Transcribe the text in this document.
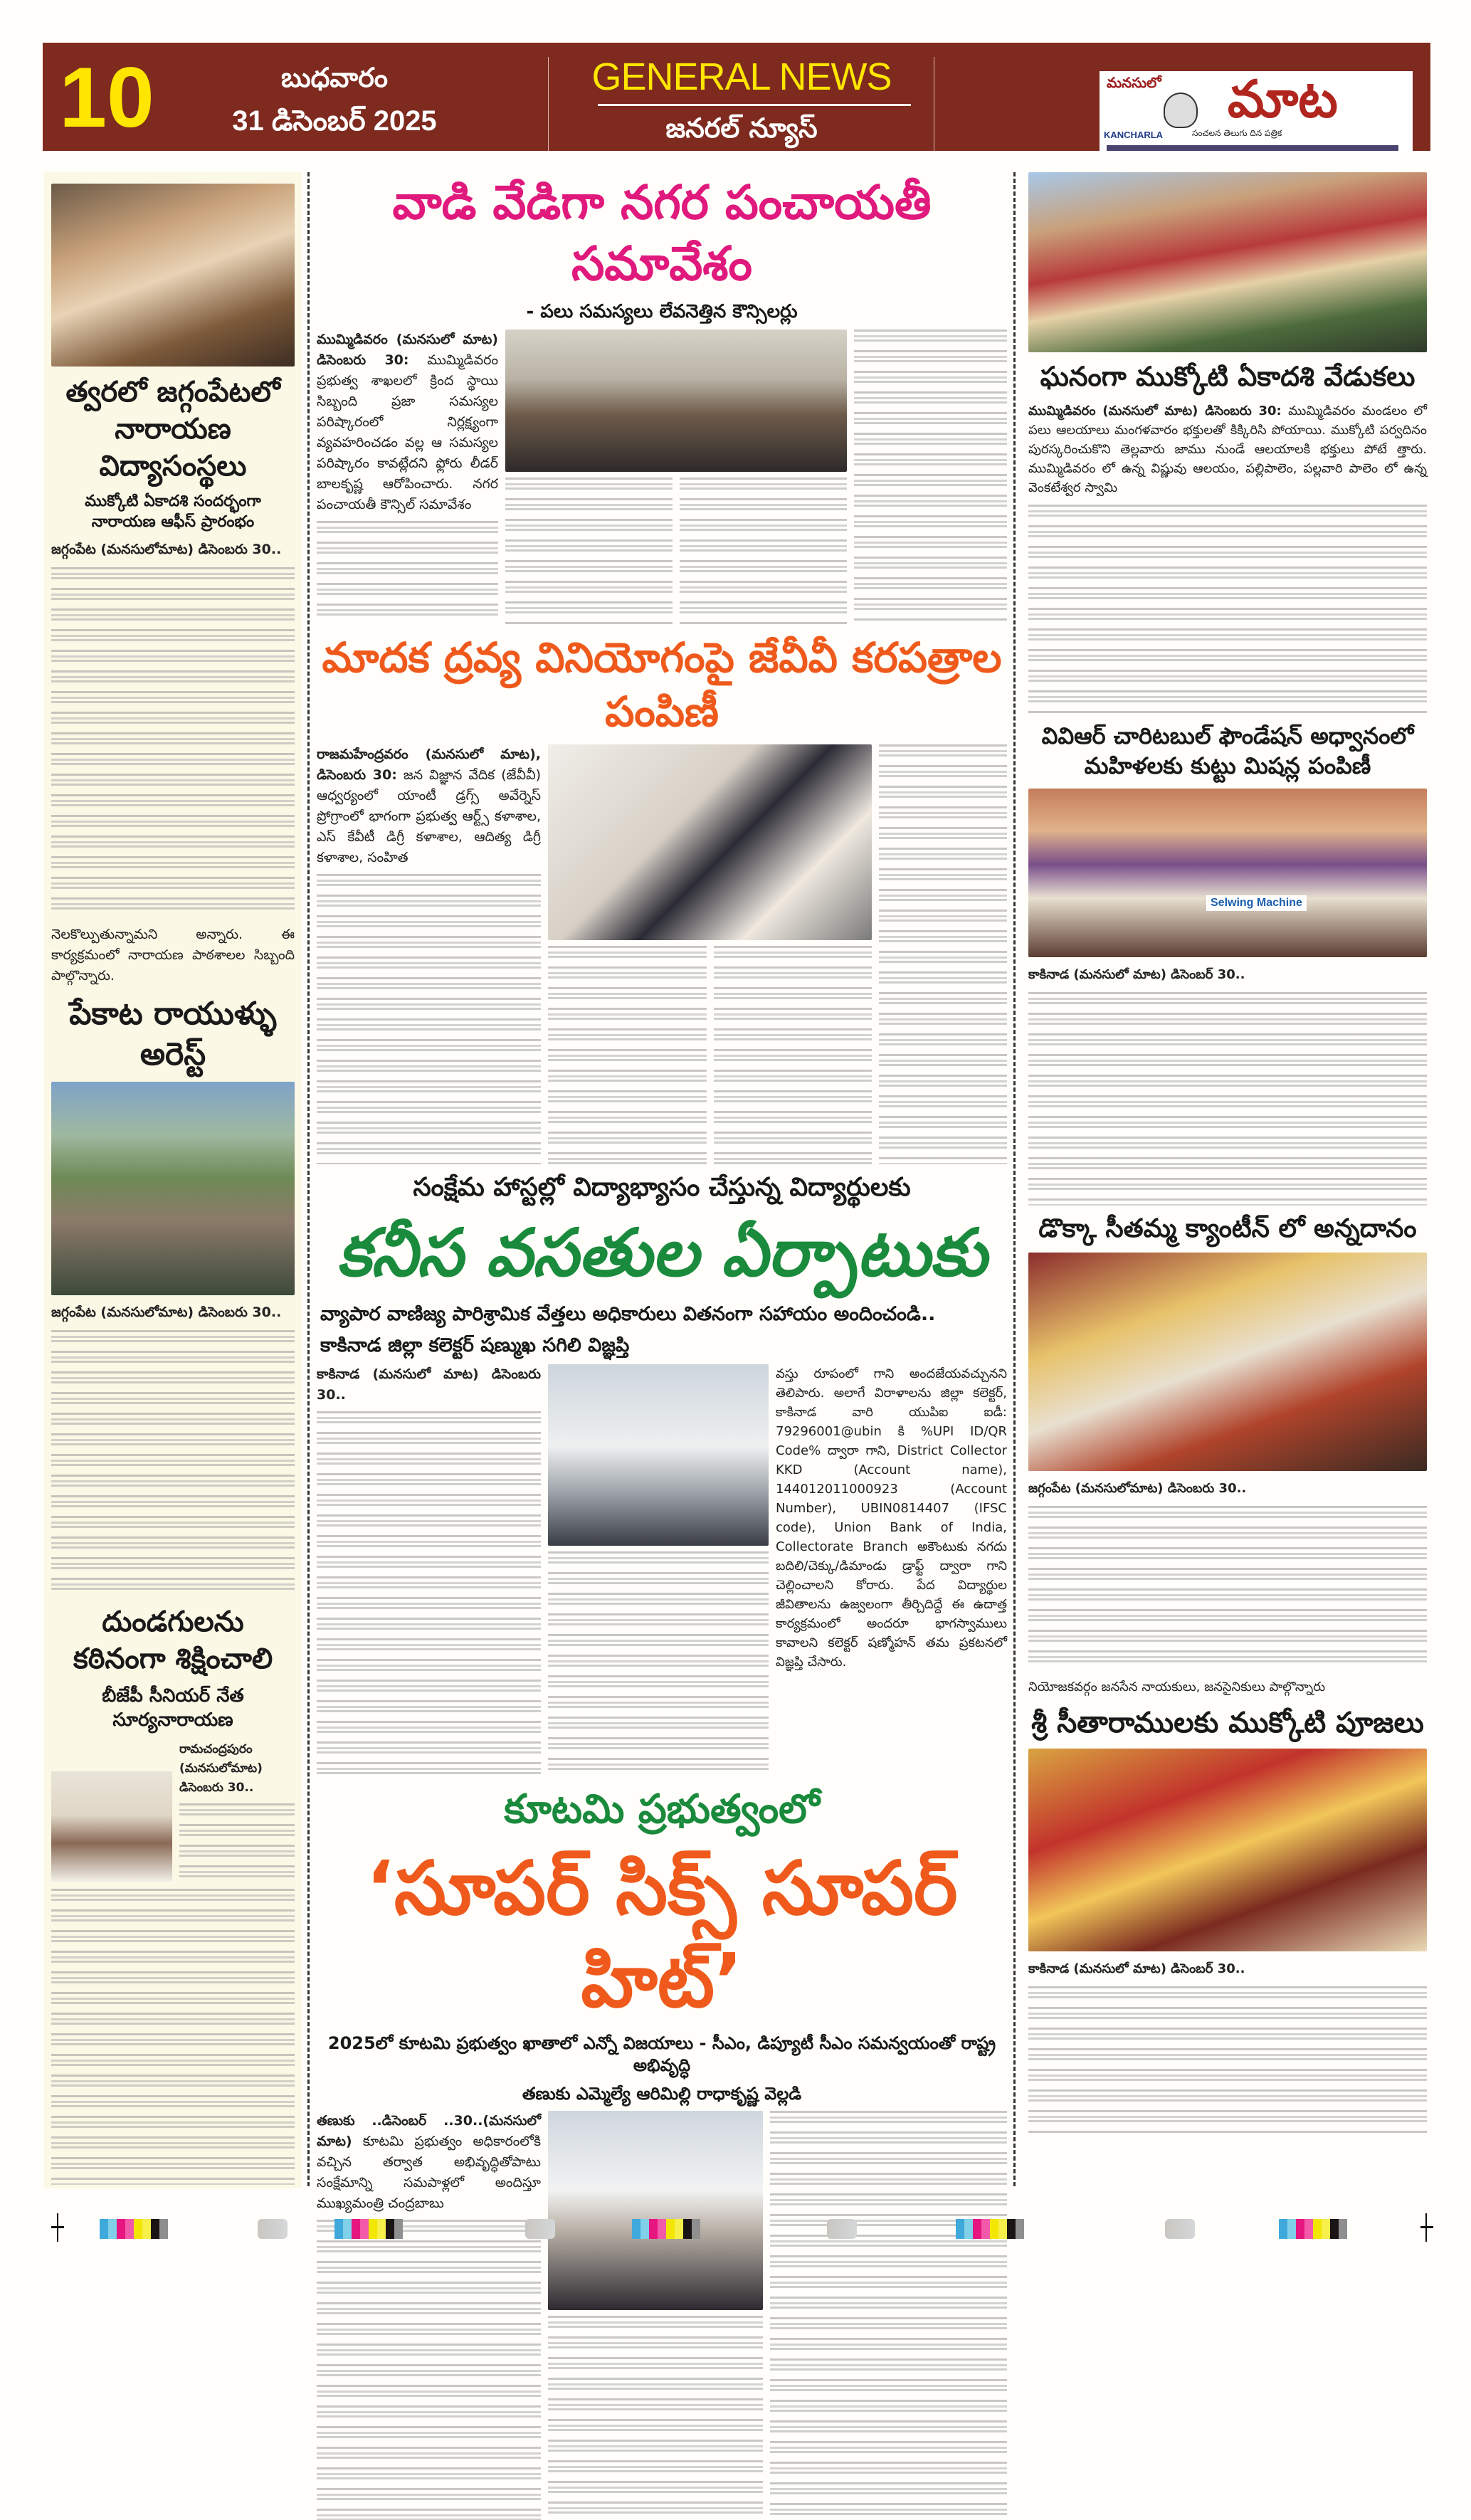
10	బుధవారం
31 డిసెంబర్ 2025
GENERAL NEWS
జనరల్ న్యూస్
మనసులో మాట
KANCHARLA	సంచలన తెలుగు దిన పత్రిక
త్వరలో జగ్గంపేటలో నారాయణ విద్యాసంస్థలు
ముక్కోటి ఏకాదశి సందర్భంగా నారాయణ ఆఫీస్ ప్రారంభం
జగ్గంపేట (మనసులోమాట) డిసెంబరు 30..
నెలకొల్పుతున్నామని అన్నారు. ఈ కార్యక్రమంలో నారాయణ పాఠశాలల సిబ్బంది పాల్గొన్నారు.
పేకాట రాయుళ్ళు అరెస్ట్
జగ్గంపేట (మనసులోమాట) డిసెంబరు 30..
దుండగులను కఠినంగా శిక్షించాలి
బీజేపీ సీనియర్ నేత సూర్యనారాయణ
రామచంద్రపురం (మనసులోమాట) డిసెంబరు 30..
వాడి వేడిగా నగర పంచాయతీ సమావేశం
- పలు సమస్యలు లేవనెత్తిన కౌన్సిలర్లు
ముమ్మిడివరం (మనసులో మాట) డిసెంబరు 30: ముమ్మిడివరం ప్రభుత్వ శాఖలలో క్రింద స్థాయి సిబ్బంది ప్రజా సమస్యల పరిష్కారంలో నిర్లక్ష్యంగా వ్యవహరించడం వల్ల ఆ సమస్యల పరిష్కారం కావట్లేదని ఫ్లోరు లీడర్ బాలకృష్ణ ఆరోపించారు. నగర పంచాయతీ కౌన్సిల్ సమావేశం
మాదక ద్రవ్య వినియోగంపై జేవీవీ కరపత్రాల పంపిణీ
రాజమహేంద్రవరం (మనసులో మాట), డిసెంబరు 30: జన విజ్ఞాన వేదిక (జేవీవీ) ఆధ్వర్యంలో యాంటీ డ్రగ్స్ అవేర్నెస్ ప్రోగ్రాంలో భాగంగా ప్రభుత్వ ఆర్ట్స్ కళాశాల, ఎస్ కేవీటీ డిగ్రీ కళాశాల, ఆదిత్య డిగ్రీ కళాశాల, సంహిత
సంక్షేమ హాస్టల్లో విద్యాభ్యాసం చేస్తున్న విద్యార్థులకు
కనీస వసతుల ఏర్పాటుకు
వ్యాపార వాణిజ్య పారిశ్రామిక వేత్తలు అధికారులు వితనంగా సహాయం అందించండి..
కాకినాడ జిల్లా కలెక్టర్ షణ్ముఖ సగిలి విజ్ఞప్తి
కాకినాడ (మనసులో మాట) డిసెంబరు 30..
వస్తు రూపంలో గాని అందజేయవచ్చునని తెలిపారు. అలాగే విరాళాలను జిల్లా కలెక్టర్, కాకినాడ వారి యుపిఐ ఐడీ: 79296001@ubin కి %UPI ID/QR Code% ద్వారా గాని, District Collector KKD (Account name), 144012011000923 (Account Number), UBIN0814407 (IFSC code), Union Bank of India, Collectorate Branch అకౌంటుకు నగదు బదిలి/చెక్కు/డిమాండు డ్రాఫ్ట్ ద్వారా గాని చెల్లించాలని కోరారు. పేద విద్యార్థుల జీవితాలను ఉజ్వలంగా తీర్చిదిద్దే ఈ ఉదాత్త కార్యక్రమంలో అందరూ భాగస్వాములు కావాలని కలెక్టర్ షణ్మోహన్ తమ ప్రకటనలో విజ్ఞప్తి చేసారు.
కూటమి ప్రభుత్వంలో
‘సూపర్ సిక్స్ సూపర్ హిట్’
2025లో కూటమి ప్రభుత్వం ఖాతాలో ఎన్నో విజయాలు - సీఎం, డిప్యూటీ సీఎం సమన్వయంతో రాష్ట్ర అభివృద్ధి
తణుకు ఎమ్మెల్యే ఆరిమిల్లి రాధాకృష్ణ వెల్లడి
తణుకు ..డిసెంబర్ ..30..(మనసులో మాట) కూటమి ప్రభుత్వం అధికారంలోకి వచ్చిన తర్వాత అభివృద్ధితోపాటు సంక్షేమాన్ని సమపాళ్లలో అందిస్తూ ముఖ్యమంత్రి చంద్రబాబు
ఘనంగా ముక్కోటి ఏకాదశి వేడుకలు
ముమ్మిడివరం (మనసులో మాట) డిసెంబరు 30: ముమ్మిడివరం మండలం లో పలు ఆలయాలు మంగళవారం భక్తులతో కిక్కిరిసి పోయాయి. ముక్కోటి పర్వదినం పురస్కరించుకొని తెల్లవారు జాము నుండే ఆలయాలకి భక్తులు పోటే త్తారు. ముమ్మిడివరం లో ఉన్న విష్ణువు ఆలయం, పల్లిపాలెం, పల్లవారి పాలెం లో ఉన్న వెంకటేశ్వర స్వామి
వివిఆర్ చారిటబుల్ ఫౌండేషన్ అధ్వానంలో మహిళలకు కుట్టు మిషన్ల పంపిణీ
Selwing Machine
కాకినాడ (మనసులో మాట) డిసెంబర్ 30..
డొక్కా సీతమ్మ క్యాంటీన్ లో అన్నదానం
జగ్గంపేట (మనసులోమాట) డిసెంబరు 30..
నియోజకవర్గం జనసేన నాయకులు, జనసైనికులు పాల్గొన్నారు
శ్రీ సీతారాములకు ముక్కోటి పూజలు
కాకినాడ (మనసులో మాట) డిసెంబర్ 30..
